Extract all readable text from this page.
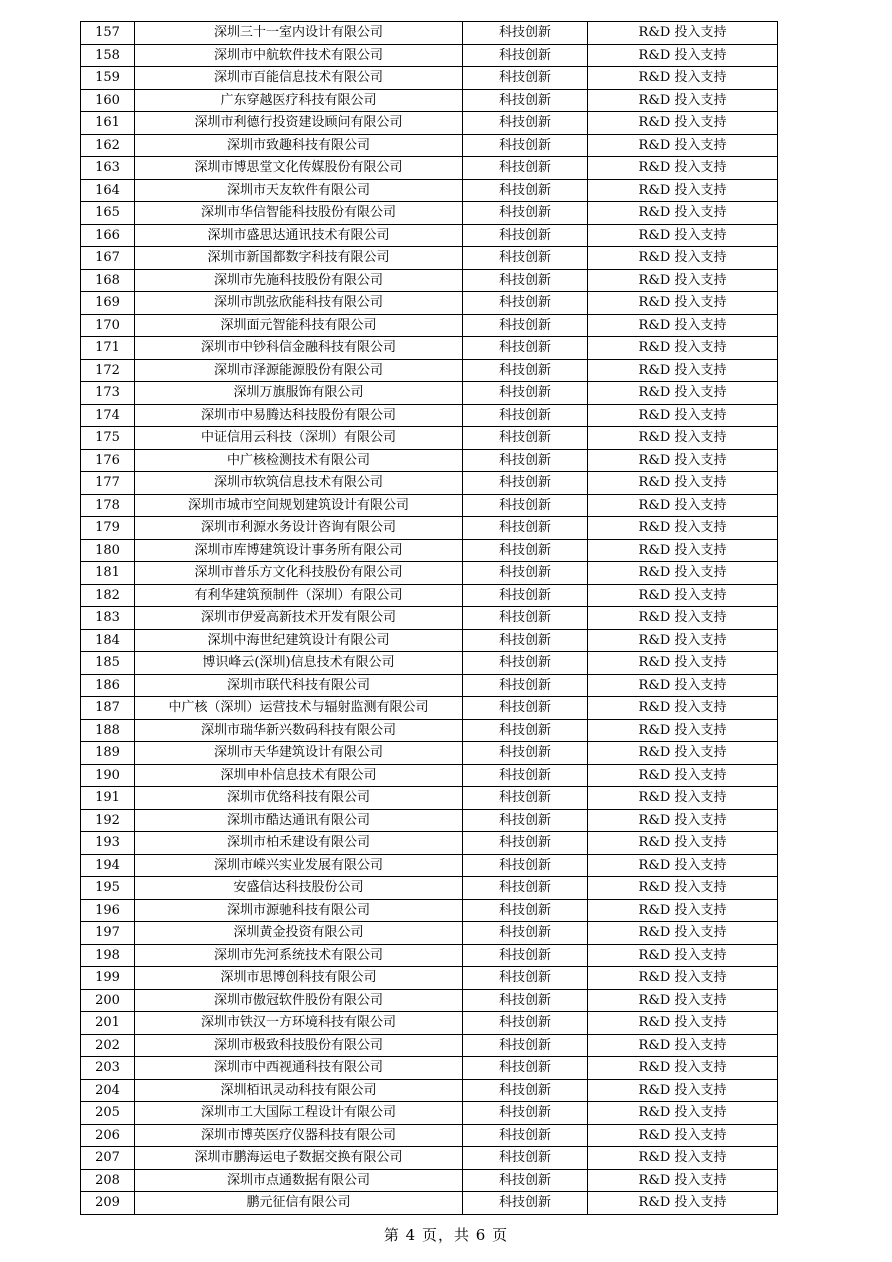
157	深圳三十一室内设计有限公司	科技创新	R&D 投入支持
158	深圳市中航软件技术有限公司	科技创新	R&D 投入支持
159	深圳市百能信息技术有限公司	科技创新	R&D 投入支持
160	广东穿越医疗科技有限公司	科技创新	R&D 投入支持
161	深圳市利德行投资建设顾问有限公司	科技创新	R&D 投入支持
162	深圳市致趣科技有限公司	科技创新	R&D 投入支持
163	深圳市博思堂文化传媒股份有限公司	科技创新	R&D 投入支持
164	深圳市天友软件有限公司	科技创新	R&D 投入支持
165	深圳市华信智能科技股份有限公司	科技创新	R&D 投入支持
166	深圳市盛思达通讯技术有限公司	科技创新	R&D 投入支持
167	深圳市新国都数字科技有限公司	科技创新	R&D 投入支持
168	深圳市先施科技股份有限公司	科技创新	R&D 投入支持
169	深圳市凯弦欣能科技有限公司	科技创新	R&D 投入支持
170	深圳面元智能科技有限公司	科技创新	R&D 投入支持
171	深圳市中钞科信金融科技有限公司	科技创新	R&D 投入支持
172	深圳市泽源能源股份有限公司	科技创新	R&D 投入支持
173	深圳万旗服饰有限公司	科技创新	R&D 投入支持
174	深圳市中易腾达科技股份有限公司	科技创新	R&D 投入支持
175	中证信用云科技（深圳）有限公司	科技创新	R&D 投入支持
176	中广核检测技术有限公司	科技创新	R&D 投入支持
177	深圳市软筑信息技术有限公司	科技创新	R&D 投入支持
178	深圳市城市空间规划建筑设计有限公司	科技创新	R&D 投入支持
179	深圳市利源水务设计咨询有限公司	科技创新	R&D 投入支持
180	深圳市库博建筑设计事务所有限公司	科技创新	R&D 投入支持
181	深圳市普乐方文化科技股份有限公司	科技创新	R&D 投入支持
182	有利华建筑预制件（深圳）有限公司	科技创新	R&D 投入支持
183	深圳市伊爱高新技术开发有限公司	科技创新	R&D 投入支持
184	深圳中海世纪建筑设计有限公司	科技创新	R&D 投入支持
185	博识峰云(深圳)信息技术有限公司	科技创新	R&D 投入支持
186	深圳市联代科技有限公司	科技创新	R&D 投入支持
187	中广核（深圳）运营技术与辐射监测有限公司	科技创新	R&D 投入支持
188	深圳市瑞华新兴数码科技有限公司	科技创新	R&D 投入支持
189	深圳市天华建筑设计有限公司	科技创新	R&D 投入支持
190	深圳申朴信息技术有限公司	科技创新	R&D 投入支持
191	深圳市优络科技有限公司	科技创新	R&D 投入支持
192	深圳市酷达通讯有限公司	科技创新	R&D 投入支持
193	深圳市柏禾建设有限公司	科技创新	R&D 投入支持
194	深圳市嵘兴实业发展有限公司	科技创新	R&D 投入支持
195	安盛信达科技股份公司	科技创新	R&D 投入支持
196	深圳市源驰科技有限公司	科技创新	R&D 投入支持
197	深圳黄金投资有限公司	科技创新	R&D 投入支持
198	深圳市先河系统技术有限公司	科技创新	R&D 投入支持
199	深圳市思博创科技有限公司	科技创新	R&D 投入支持
200	深圳市傲冠软件股份有限公司	科技创新	R&D 投入支持
201	深圳市铁汉一方环境科技有限公司	科技创新	R&D 投入支持
202	深圳市极致科技股份有限公司	科技创新	R&D 投入支持
203	深圳市中西视通科技有限公司	科技创新	R&D 投入支持
204	深圳栢讯灵动科技有限公司	科技创新	R&D 投入支持
205	深圳市工大国际工程设计有限公司	科技创新	R&D 投入支持
206	深圳市博英医疗仪器科技有限公司	科技创新	R&D 投入支持
207	深圳市鹏海运电子数据交换有限公司	科技创新	R&D 投入支持
208	深圳市点通数据有限公司	科技创新	R&D 投入支持
209	鹏元征信有限公司	科技创新	R&D 投入支持
第 4 页，共 6 页
